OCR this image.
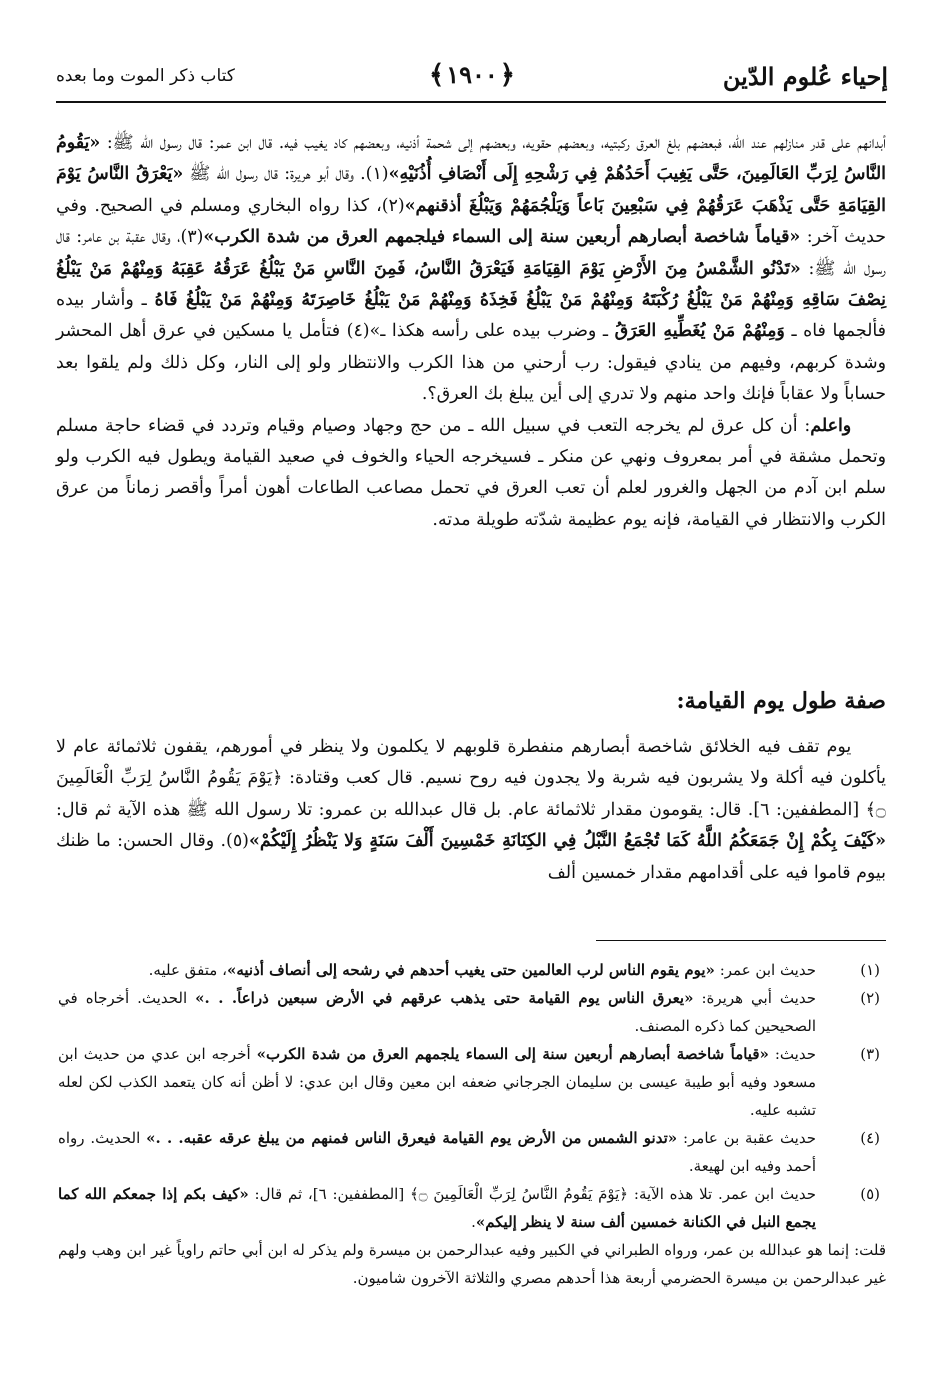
إحياء عُلوم الدّين
﴿١٩٠٠﴾
كتاب ذكر الموت وما بعده

أبدانهم على قدر منازلهم عند الله، فبعضهم بلغ العرق ركبتيه، وبعضهم حقويه، وبعضهم إلى شحمة أذنيه، وبعضهم كاد يغيب فيه. قال ابن عمر: قال رسول الله ﷺ: «يَقُومُ النَّاسُ لِرَبِّ العَالَمِينَ، حَتَّى يَغِيبَ أَحَدُهُمْ فِي رَشْحِهِ إِلَى أَنْصَافِ أُذُنَيْهِ»(١). وقال أبو هريرة: قال رسول الله ﷺ «يَعْرَقُ النَّاسُ يَوْمَ القِيَامَةِ حَتَّى يَذْهَبَ عَرَقُهُمْ فِي سَبْعِينَ بَاعاً وَيَلْجُمَهُمْ وَيَبْلُغَ أذقنهم»(٢)، كذا رواه البخاري ومسلم في الصحيح. وفي حديث آخر: «قياماً شاخصة أبصارهم أربعين سنة إلى السماء فيلجمهم العرق من شدة الكرب»(٣)، وقال عقبة بن عامر: قال رسول الله ﷺ: «تَدْنُو الشَّمْسُ مِنَ الأَرْضِ يَوْمَ القِيَامَةِ فَيَعْرَقُ النَّاسُ، فَمِنَ النَّاسِ مَنْ يَبْلُغُ عَرَقُهُ عَقِبَهُ وَمِنْهُمْ مَنْ يَبْلُغُ نِصْفَ سَاقِهِ وَمِنْهُمْ مَنْ يَبْلُغُ رُكْبَتَهُ وَمِنْهُمْ مَنْ يَبْلُغُ فَخِذَهُ وَمِنْهُمْ مَنْ يَبْلُغُ خَاصِرَتَهُ وَمِنْهُمْ مَنْ يَبْلُغُ فَاهُ ـ وأشار بيده فألجمها فاه ـ وَمِنْهُمْ مَنْ يُغَطِّيهِ العَرَقُ ـ وضرب بيده على رأسه هكذا ـ»(٤) فتأمل يا مسكين في عرق أهل المحشر وشدة كربهم، وفيهم من ينادي فيقول: رب أرحني من هذا الكرب والانتظار ولو إلى النار، وكل ذلك ولم يلقوا بعد حساباً ولا عقاباً فإنك واحد منهم ولا تدري إلى أين يبلغ بك العرق؟.

  واعلم: أن كل عرق لم يخرجه التعب في سبيل الله ـ من حج وجهاد وصيام وقيام وتردد في قضاء حاجة مسلم وتحمل مشقة في أمر بمعروف ونهي عن منكر ـ فسيخرجه الحياء والخوف في صعيد القيامة ويطول فيه الكرب ولو سلم ابن آدم من الجهل والغرور لعلم أن تعب العرق في تحمل مصاعب الطاعات أهون أمراً وأقصر زماناً من عرق الكرب والانتظار في القيامة، فإنه يوم عظيمة شدّته طويلة مدته.

صفة طول يوم القيامة:

  يوم تقف فيه الخلائق شاخصة أبصارهم منفطرة قلوبهم لا يكلمون ولا ينظر في أمورهم، يقفون ثلاثمائة عام لا يأكلون فيه أكلة ولا يشربون فيه شربة ولا يجدون فيه روح نسيم. قال كعب وقتادة: ﴿يَوْمَ يَقُومُ النَّاسُ لِرَبِّ الْعَالَمِينَ ۝﴾ [المطففين: ٦]. قال: يقومون مقدار ثلاثمائة عام. بل قال عبدالله بن عمرو: تلا رسول الله ﷺ هذه الآية ثم قال: «كَيْفَ بِكُمْ إِنْ جَمَعَكُمُ اللَّهُ كَمَا تُجْمَعُ النَّبْلُ فِي الكِنَانَةِ خَمْسِينَ أَلْفَ سَنَةٍ وَلا يَنْظُرُ إِلَيْكُمْ»(٥). وقال الحسن: ما ظنك بيوم قاموا فيه على أقدامهم مقدار خمسين ألف

(١)

حديث ابن عمر: «يوم يقوم الناس لرب العالمين حتى يغيب أحدهم في رشحه إلى أنصاف أذنيه»، متفق عليه.

(٢)

حديث أبي هريرة: «يعرق الناس يوم القيامة حتى يذهب عرقهم في الأرض سبعين ذراعاً. . .» الحديث. أخرجاه في الصحيحين كما ذكره المصنف.

(٣)

حديث: «قياماً شاخصة أبصارهم أربعين سنة إلى السماء يلجمهم العرق من شدة الكرب» أخرجه ابن عدي من حديث ابن مسعود وفيه أبو طيبة عيسى بن سليمان الجرجاني ضعفه ابن معين وقال ابن عدي: لا أظن أنه كان يتعمد الكذب لكن لعله تشبه عليه.

(٤)

حديث عقبة بن عامر: «تدنو الشمس من الأرض يوم القيامة فيعرق الناس فمنهم من يبلغ عرقه عقبه. . .» الحديث. رواه أحمد وفيه ابن لهيعة.

(٥)

حديث ابن عمر. تلا هذه الآية: ﴿يَوْمَ يَقُومُ النَّاسُ لِرَبِّ الْعَالَمِينَ ۝﴾ [المطففين: ٦]، ثم قال: «كيف بكم إذا جمعكم الله كما يجمع النبل في الكنانة خمسين ألف سنة لا ينظر إليكم».

قلت: إنما هو عبدالله بن عمر، ورواه الطبراني في الكبير وفيه عبدالرحمن بن ميسرة ولم يذكر له ابن أبي حاتم راوياً غير ابن وهب ولهم غير عبدالرحمن بن ميسرة الحضرمي أربعة هذا أحدهم مصري والثلاثة الآخرون شاميون.
